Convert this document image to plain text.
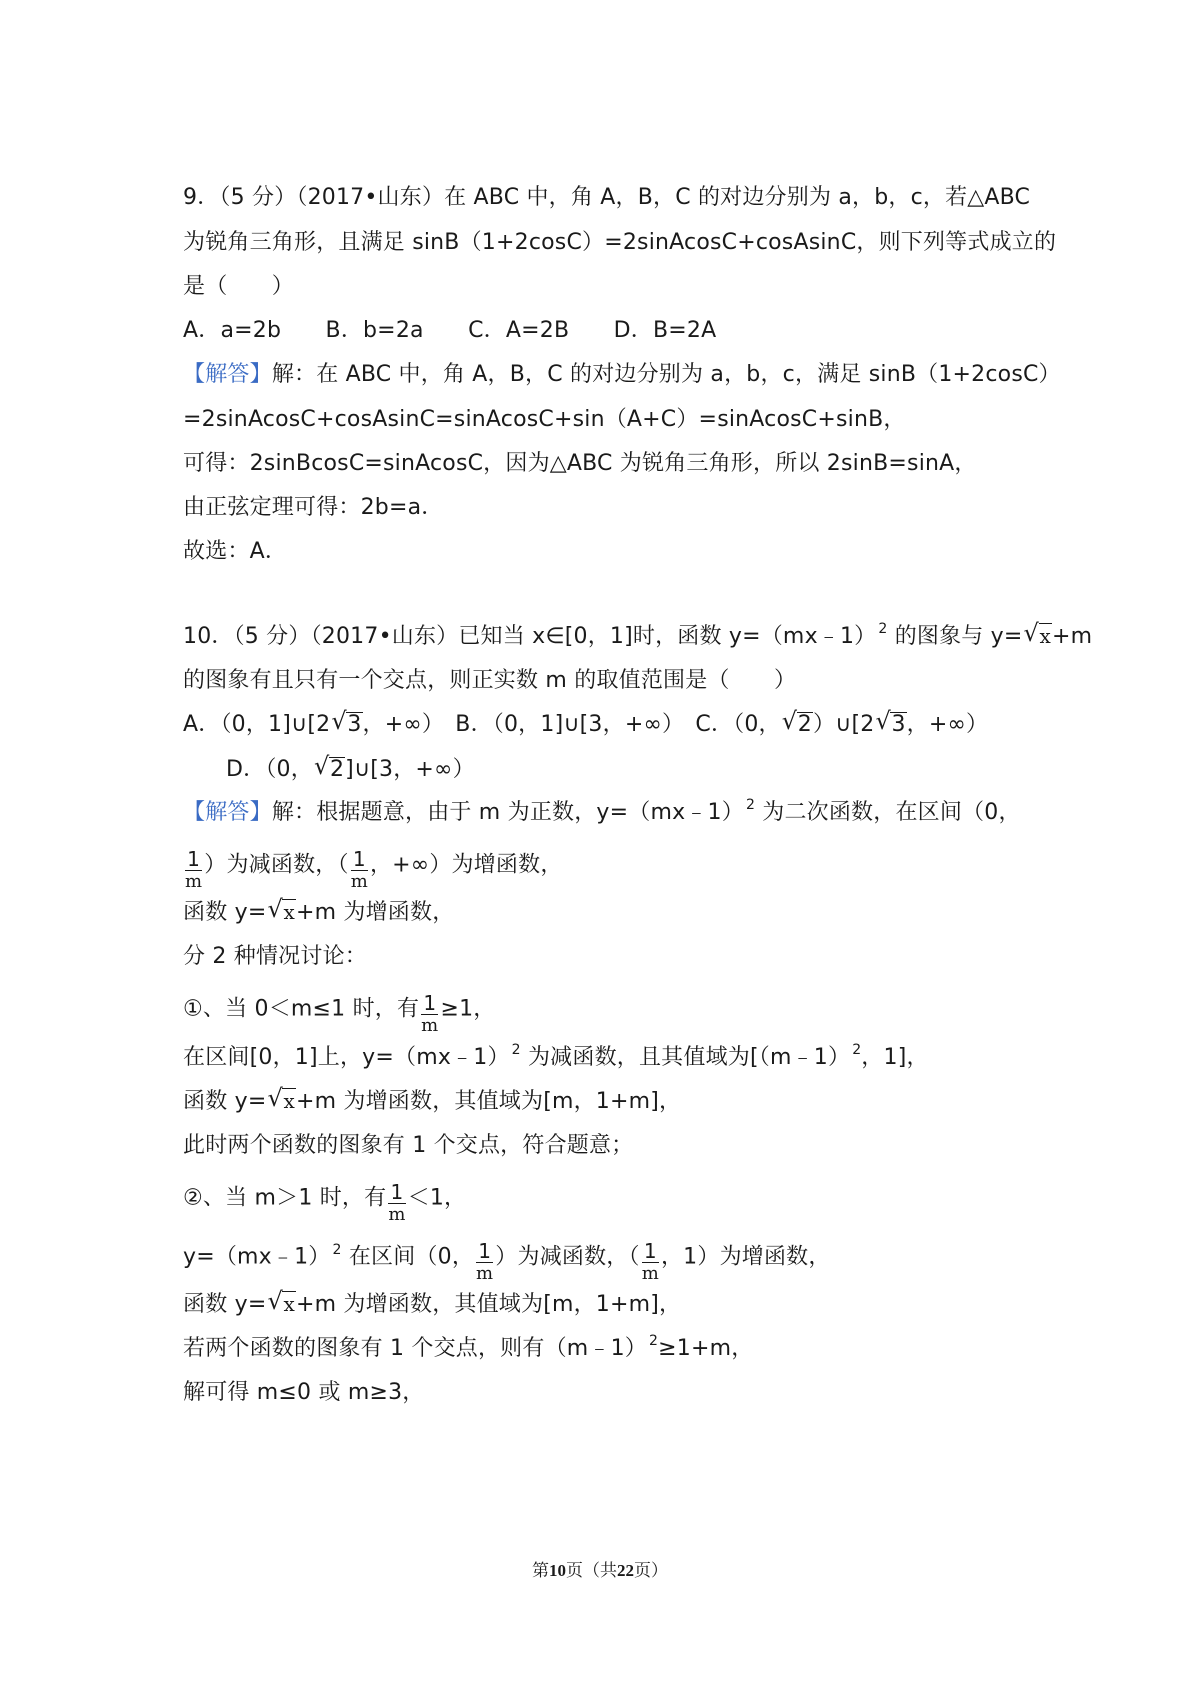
9．（5 分）（2017•山东）在 ABC 中，角 A，B，C 的对边分别为 a，b，c，若△ABC
为锐角三角形，且满足 sinB（1+2cosC）=2sinAcosC+cosAsinC，则下列等式成立的
是（　　）
A．a=2b　　B．b=2a　　C．A=2B　　D．B=2A
【解答】解：在 ABC 中，角 A，B，C 的对边分别为 a，b，c，满足 sinB（1+2cosC）
=2sinAcosC+cosAsinC=sinAcosC+sin（A+C）=sinAcosC+sinB，
可得：2sinBcosC=sinAcosC，因为△ABC 为锐角三角形，所以 2sinB=sinA，
由正弦定理可得：2b=a．
故选：A．
10．（5 分）（2017•山东）已知当 x∈[0，1]时，函数 y=（mx﹣1） $^2$ 的图象与 y= √ x+m
的图象有且只有一个交点，则正实数 m 的取值范围是（　　）
A．（0，1]∪[2 √ 3，+∞）　B．（0，1]∪[3，+∞）　C．（0， √ 2）∪[2 √ 3，+∞）
D．（0， √ 2]∪[3，+∞）
【解答】解：根据题意，由于 m 为正数，y=（mx﹣1） $^2$ 为二次函数，在区间（0，
$\frac{1}{m}$ ）为减函数，（ $\frac{1}{m}$ ，+∞）为增函数，
函数 y= √ x+m 为增函数，
分 2 种情况讨论：
①、当 0＜m≤1 时，有 $\frac{1}{m} \ge 1$，
在区间[0，1]上，y=（mx﹣1） $^2$ 为减函数，且其值域为[（m﹣1） $^2$，1]，
函数 y= √ x+m 为增函数，其值域为[m，1+m]，
此时两个函数的图象有 1 个交点，符合题意；
②、当 m＞1 时，有 $\frac{1}{m} <1$，
y=（mx﹣1） $^2$ 在区间（0， $\frac{1}{m}$ ）为减函数，（ $\frac{1}{m}$ ，1）为增函数，
函数 y= √ x+m 为增函数，其值域为[m，1+m]，
若两个函数的图象有 1 个交点，则有（m﹣1） $^2$≥1+m，
解可得 m≤0 或 m≥3，
第10页（共22页）
